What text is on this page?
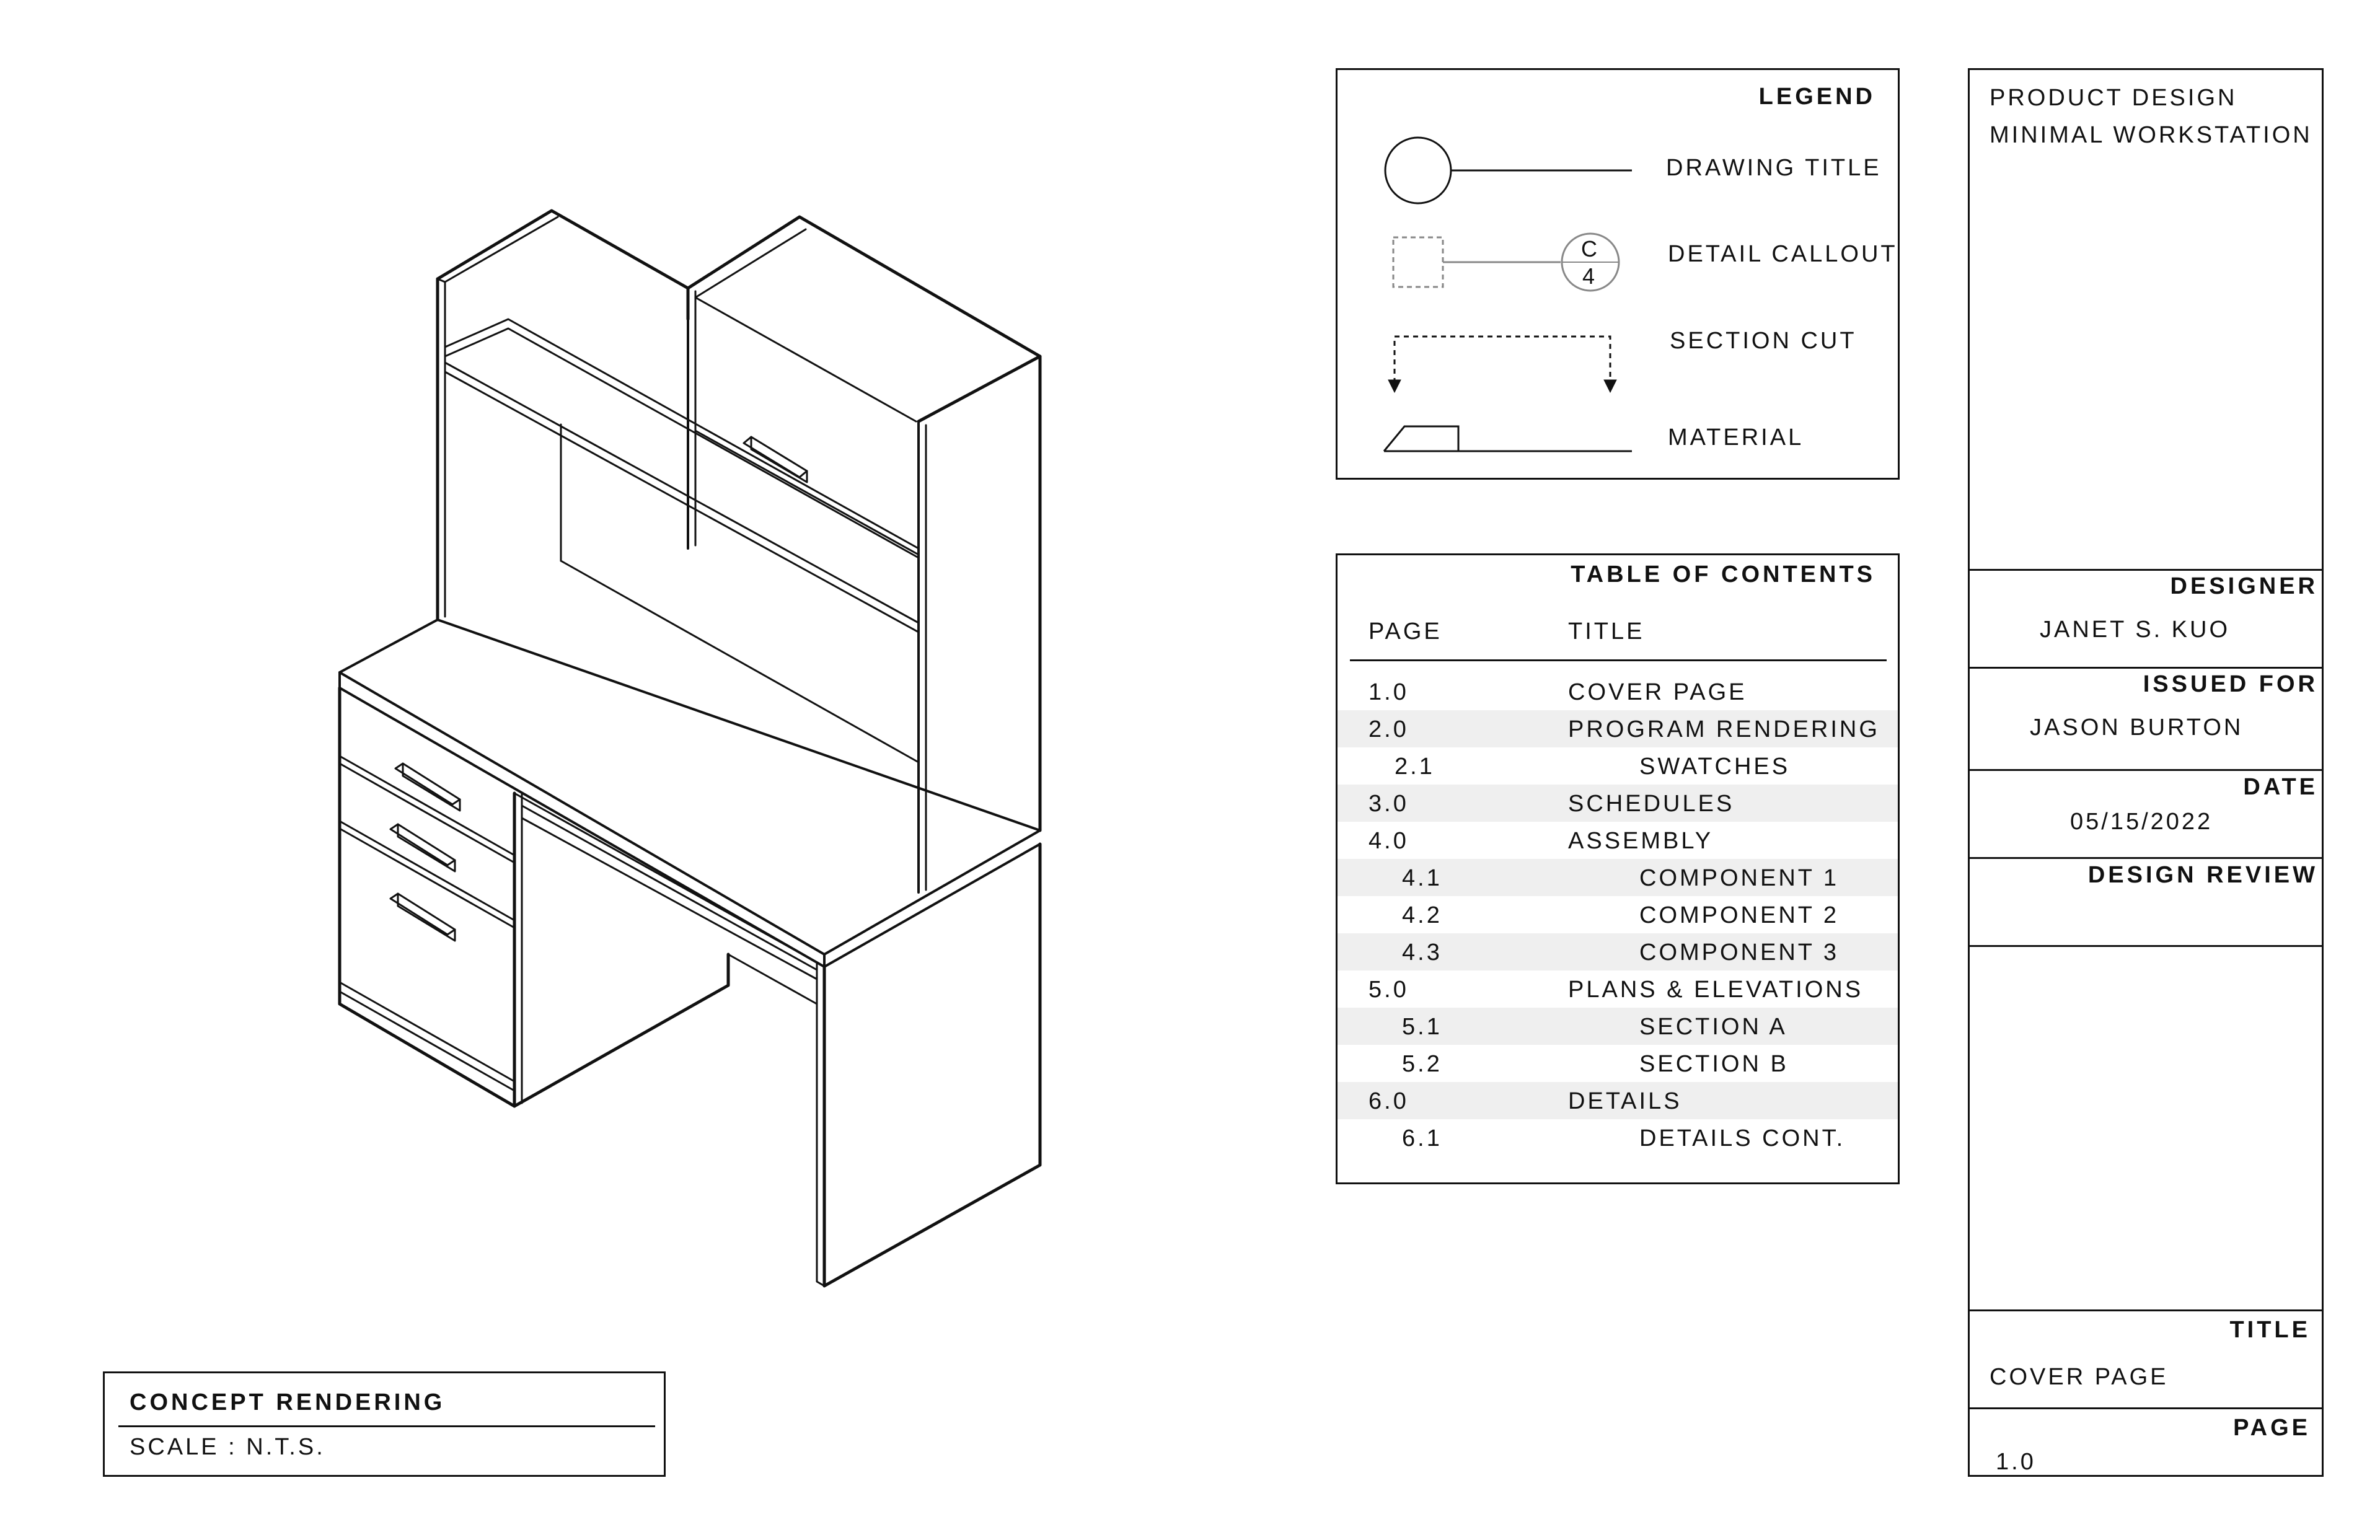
CONCEPT RENDERING
SCALE : N.T.S.
LEGEND
C
4
DRAWING TITLE
DETAIL CALLOUT
SECTION CUT
MATERIAL
TABLE OF CONTENTS
PAGE	TITLE
1.0	COVER PAGE
2.0	PROGRAM RENDERING
2.1	SWATCHES
3.0	SCHEDULES
4.0	ASSEMBLY
4.1	COMPONENT 1
4.2	COMPONENT 2
4.3	COMPONENT 3
5.0	PLANS & ELEVATIONS
5.1	SECTION A
5.2	SECTION B
6.0	DETAILS
6.1	DETAILS CONT.
PRODUCT DESIGN
MINIMAL WORKSTATION
DESIGNER
JANET S. KUO
ISSUED FOR
JASON BURTON
DATE
05/15/2022
DESIGN REVIEW
TITLE
COVER PAGE
PAGE
1.0
